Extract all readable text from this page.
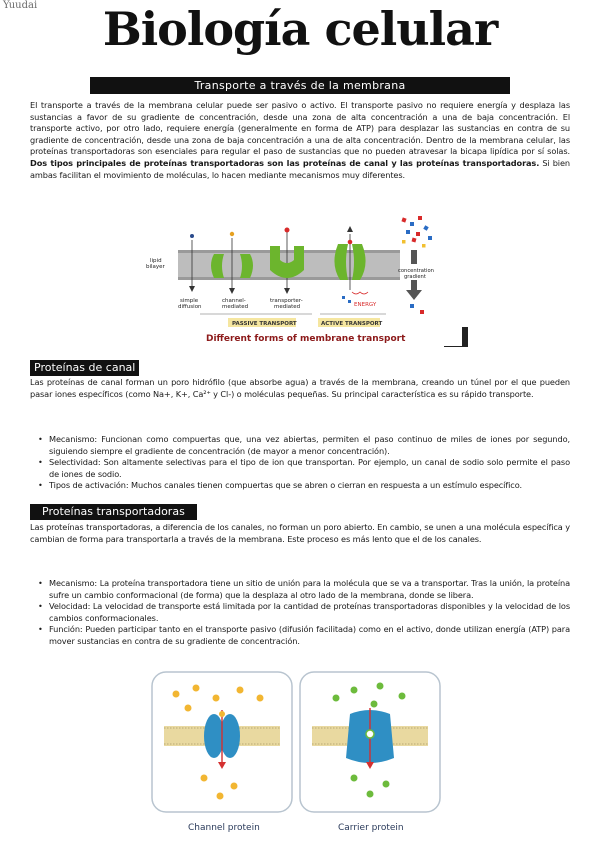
Yuudai	Biología celular
Transporte a través de la membrana
El transporte a través de la membrana celular puede ser pasivo o activo. El transporte pasivo no requiere energía y desplaza las sustancias a favor de su gradiente de concentración, desde una zona de alta concentración a una de baja concentración. El transporte activo, por otro lado, requiere energía (generalmente en forma de ATP) para desplazar las sustancias en contra de su gradiente de concentración, desde una zona de baja concentración a una de alta concentración. Dentro de la membrana celular, las proteínas transportadoras son esenciales para regular el paso de sustancias que no pueden atravesar la bicapa lipídica por sí solas. Dos tipos principales de proteínas transportadoras son las proteínas de canal y las proteínas transportadoras. Si bien ambas facilitan el movimiento de moléculas, lo hacen mediante mecanismos muy diferentes.
lipid bilayer
simple diffusion
channel-mediated
transporter-mediated	ENERGY
concentration gradient
PASSIVE TRANSPORT	ACTIVE TRANSPORT
Different forms of membrane transport
Proteínas de canal
Las proteínas de canal forman un poro hidrófilo (que absorbe agua) a través de la membrana, creando un túnel por el que pueden pasar iones específicos (como Na+, K+, Ca²⁺ y Cl-) o moléculas pequeñas. Su principal característica es su rápido transporte.
• Mecanismo: Funcionan como compuertas que, una vez abiertas, permiten el paso continuo de miles de iones por segundo, siguiendo siempre el gradiente de concentración (de mayor a menor concentración).
• Selectividad: Son altamente selectivas para el tipo de ion que transportan. Por ejemplo, un canal de sodio solo permite el paso de iones de sodio.
• Tipos de activación: Muchos canales tienen compuertas que se abren o cierran en respuesta a un estímulo específico.
Proteínas transportadoras
Las proteínas transportadoras, a diferencia de los canales, no forman un poro abierto. En cambio, se unen a una molécula específica y cambian de forma para transportarla a través de la membrana. Este proceso es más lento que el de los canales.
• Mecanismo: La proteína transportadora tiene un sitio de unión para la molécula que se va a transportar. Tras la unión, la proteína sufre un cambio conformacional (de forma) que la desplaza al otro lado de la membrana, donde se libera.
• Velocidad: La velocidad de transporte está limitada por la cantidad de proteínas transportadoras disponibles y la velocidad de los cambios conformacionales.
• Función: Pueden participar tanto en el transporte pasivo (difusión facilitada) como en el activo, donde utilizan energía (ATP) para mover sustancias en contra de su gradiente de concentración.
Channel protein	Carrier protein
